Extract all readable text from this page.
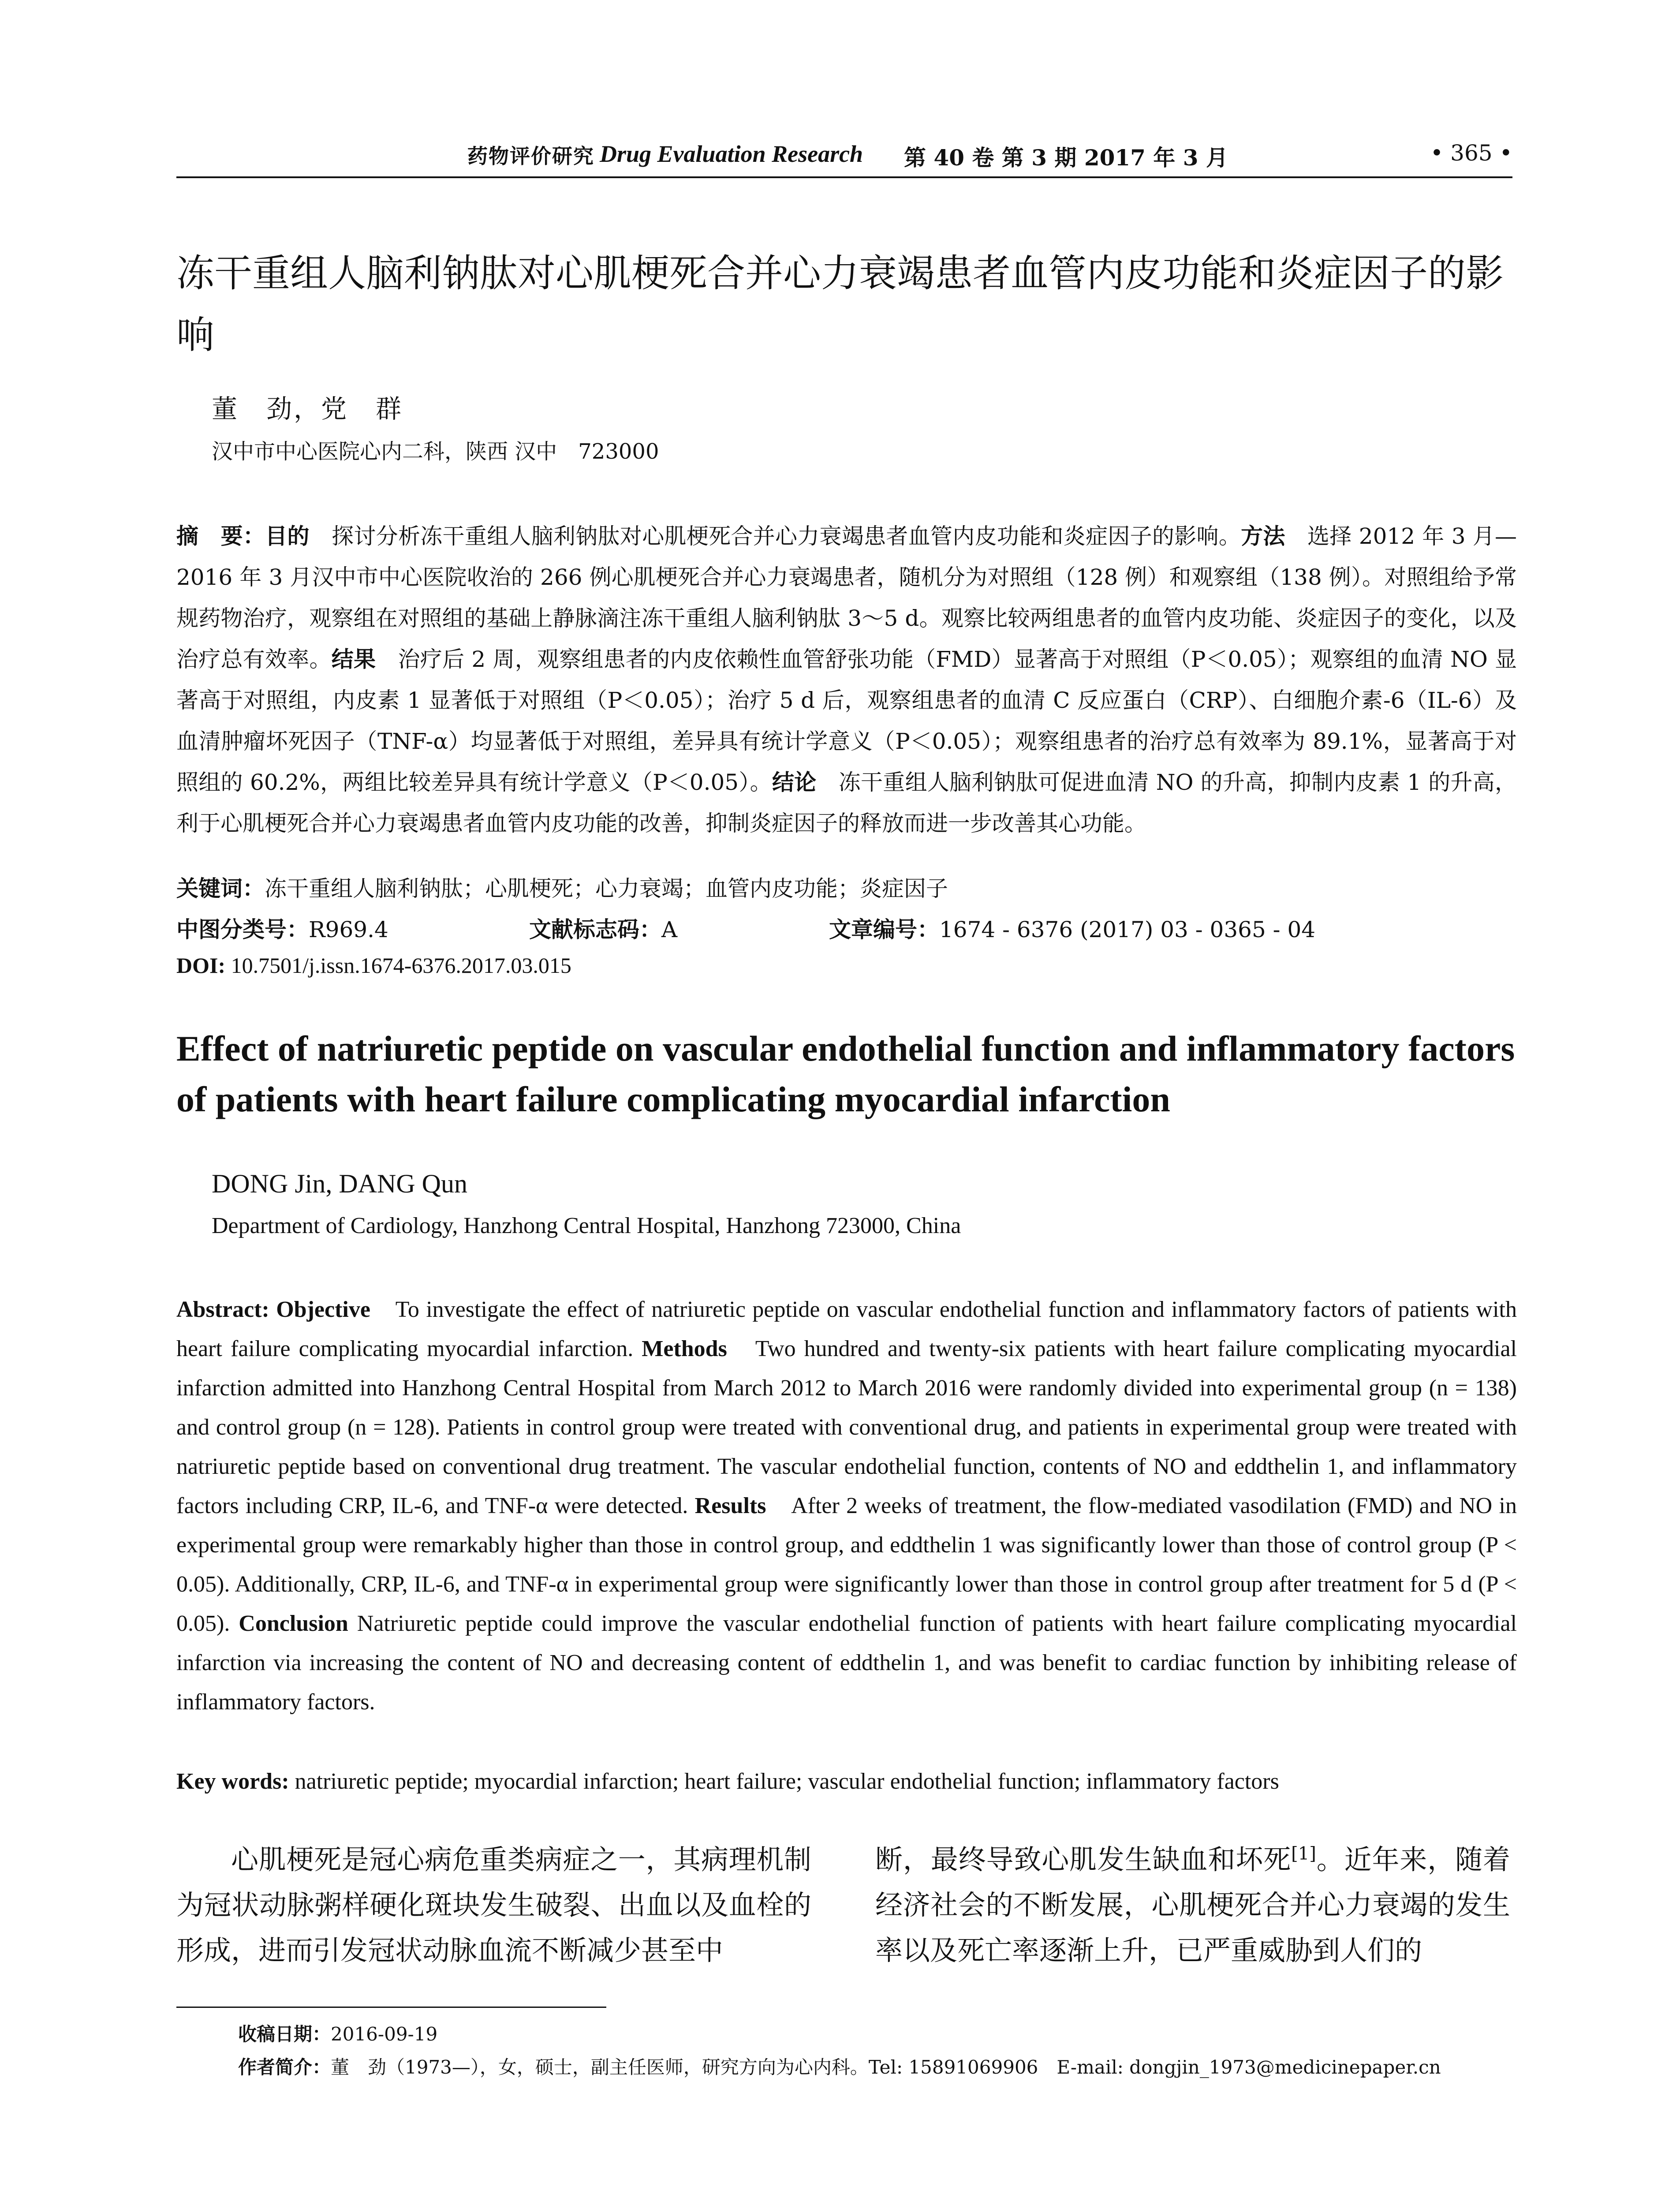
药物评价研究 Drug Evaluation Research 第 40 卷 第 3 期 2017 年 3 月	• 365 •
冻干重组人脑利钠肽对心肌梗死合并心力衰竭患者血管内皮功能和炎症因子的影响
董　劲，党　群
汉中市中心医院心内二科，陕西 汉中　723000
摘　要：目的　探讨分析冻干重组人脑利钠肽对心肌梗死合并心力衰竭患者血管内皮功能和炎症因子的影响。方法　选择 2012 年 3 月—2016 年 3 月汉中市中心医院收治的 266 例心肌梗死合并心力衰竭患者，随机分为对照组（128 例）和观察组（138 例）。对照组给予常规药物治疗，观察组在对照组的基础上静脉滴注冻干重组人脑利钠肽 3～5 d。观察比较两组患者的血管内皮功能、炎症因子的变化，以及治疗总有效率。结果　治疗后 2 周，观察组患者的内皮依赖性血管舒张功能（FMD）显著高于对照组（P＜0.05）；观察组的血清 NO 显著高于对照组，内皮素 1 显著低于对照组（P＜0.05）；治疗 5 d 后，观察组患者的血清 C 反应蛋白（CRP）、白细胞介素-6（IL-6）及血清肿瘤坏死因子（TNF-α）均显著低于对照组，差异具有统计学意义（P＜0.05）；观察组患者的治疗总有效率为 89.1%，显著高于对照组的 60.2%，两组比较差异具有统计学意义（P＜0.05）。结论　冻干重组人脑利钠肽可促进血清 NO 的升高，抑制内皮素 1 的升高，利于心肌梗死合并心力衰竭患者血管内皮功能的改善，抑制炎症因子的释放而进一步改善其心功能。
关键词：冻干重组人脑利钠肽；心肌梗死；心力衰竭；血管内皮功能；炎症因子
中图分类号：R969.4	文献标志码：A	文章编号：1674 - 6376 (2017) 03 - 0365 - 04
DOI: 10.7501/j.issn.1674-6376.2017.03.015
Effect of natriuretic peptide on vascular endothelial function and inflammatory factors of patients with heart failure complicating myocardial infarction
DONG Jin, DANG Qun
Department of Cardiology, Hanzhong Central Hospital, Hanzhong 723000, China
Abstract: Objective　To investigate the effect of natriuretic peptide on vascular endothelial function and inflammatory factors of patients with heart failure complicating myocardial infarction. Methods　Two hundred and twenty-six patients with heart failure complicating myocardial infarction admitted into Hanzhong Central Hospital from March 2012 to March 2016 were randomly divided into experimental group (n = 138) and control group (n = 128). Patients in control group were treated with conventional drug, and patients in experimental group were treated with natriuretic peptide based on conventional drug treatment. The vascular endothelial function, contents of NO and eddthelin 1, and inflammatory factors including CRP, IL-6, and TNF-α were detected. Results　After 2 weeks of treatment, the flow-mediated vasodilation (FMD) and NO in experimental group were remarkably higher than those in control group, and eddthelin 1 was significantly lower than those of control group (P < 0.05). Additionally, CRP, IL-6, and TNF-α in experimental group were significantly lower than those in control group after treatment for 5 d (P < 0.05). Conclusion Natriuretic peptide could improve the vascular endothelial function of patients with heart failure complicating myocardial infarction via increasing the content of NO and decreasing content of eddthelin 1, and was benefit to cardiac function by inhibiting release of inflammatory factors.
Key words: natriuretic peptide; myocardial infarction; heart failure; vascular endothelial function; inflammatory factors
心肌梗死是冠心病危重类病症之一，其病理机制为冠状动脉粥样硬化斑块发生破裂、出血以及血栓的形成，进而引发冠状动脉血流不断减少甚至中
断，最终导致心肌发生缺血和坏死[1]。近年来，随着经济社会的不断发展，心肌梗死合并心力衰竭的发生率以及死亡率逐渐上升，已严重威胁到人们的
收稿日期：2016-09-19
作者简介：董　劲（1973—），女，硕士，副主任医师，研究方向为心内科。Tel: 15891069906　E-mail: dongjin_1973@medicinepaper.cn
